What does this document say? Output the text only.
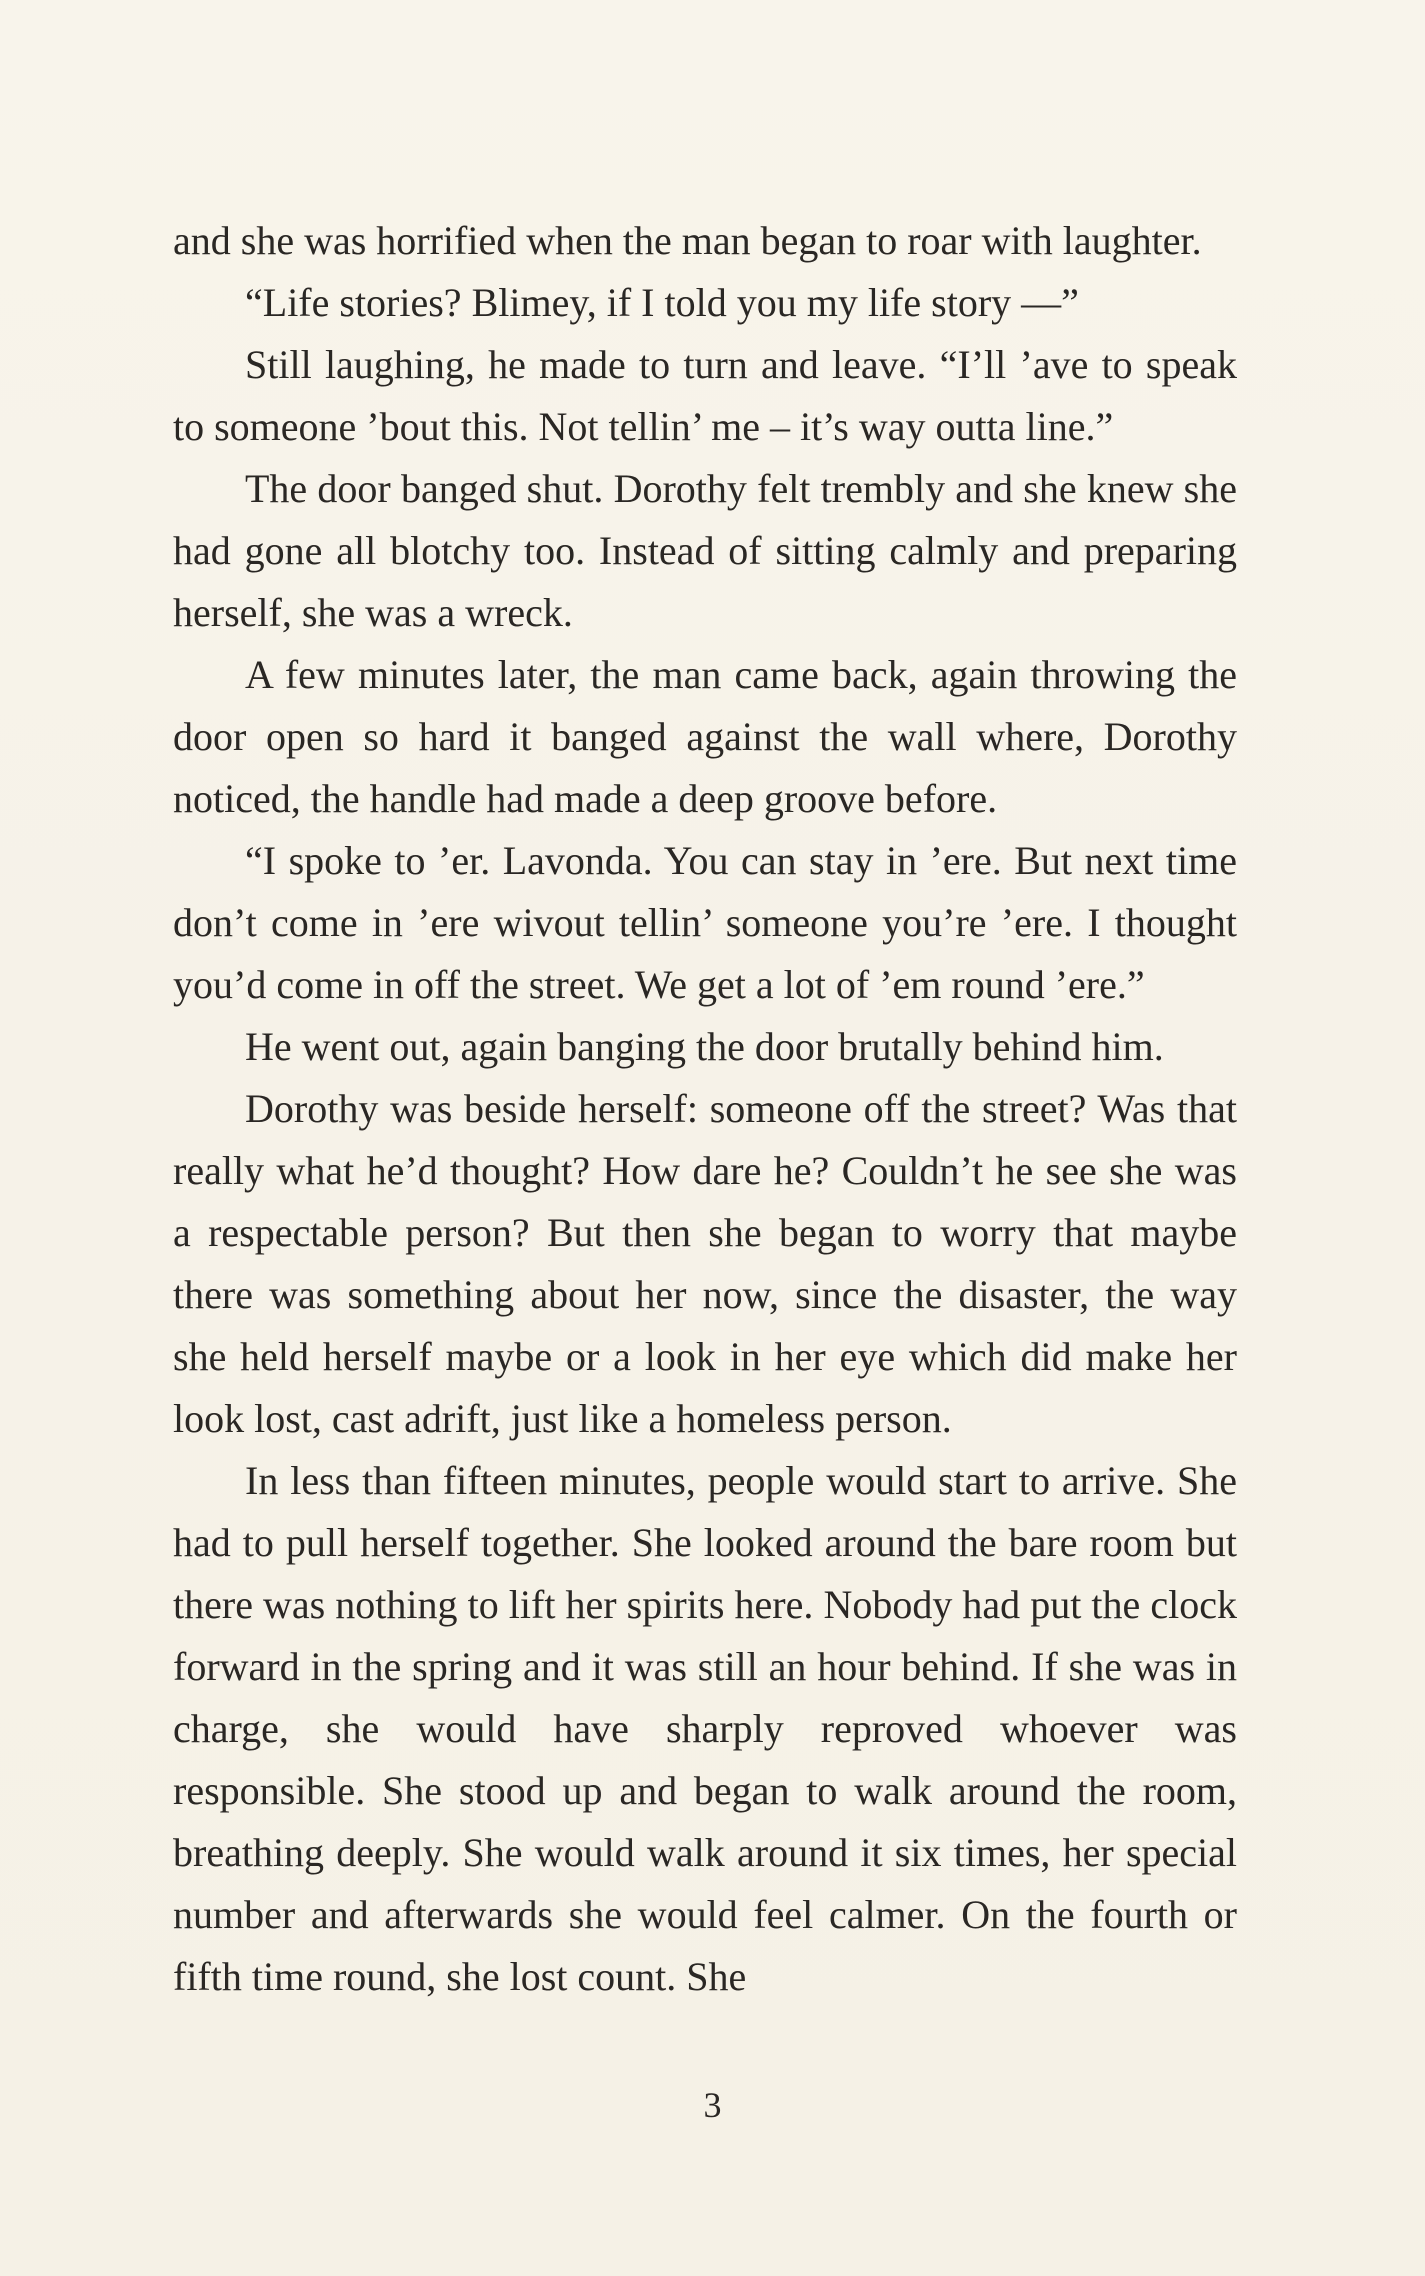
and she was horrified when the man began to roar with laughter.

“Life stories? Blimey, if I told you my life story —”

Still laughing, he made to turn and leave. “I’ll ’ave to speak to someone ’bout this. Not tellin’ me – it’s way outta line.”

The door banged shut. Dorothy felt trembly and she knew she had gone all blotchy too. Instead of sitting calmly and preparing herself, she was a wreck.

A few minutes later, the man came back, again throwing the door open so hard it banged against the wall where, Dorothy noticed, the handle had made a deep groove before.

“I spoke to ’er. Lavonda. You can stay in ’ere. But next time don’t come in ’ere wivout tellin’ someone you’re ’ere. I thought you’d come in off the street. We get a lot of ’em round ’ere.”

He went out, again banging the door brutally behind him.

Dorothy was beside herself: someone off the street? Was that really what he’d thought? How dare he? Couldn’t he see she was a respectable person? But then she began to worry that maybe there was something about her now, since the disaster, the way she held herself maybe or a look in her eye which did make her look lost, cast adrift, just like a homeless person.

In less than fifteen minutes, people would start to arrive. She had to pull herself together. She looked around the bare room but there was nothing to lift her spirits here. Nobody had put the clock forward in the spring and it was still an hour behind. If she was in charge, she would have sharply reproved whoever was responsible. She stood up and began to walk around the room, breathing deeply. She would walk around it six times, her special number and afterwards she would feel calmer. On the fourth or fifth time round, she lost count. She

3
